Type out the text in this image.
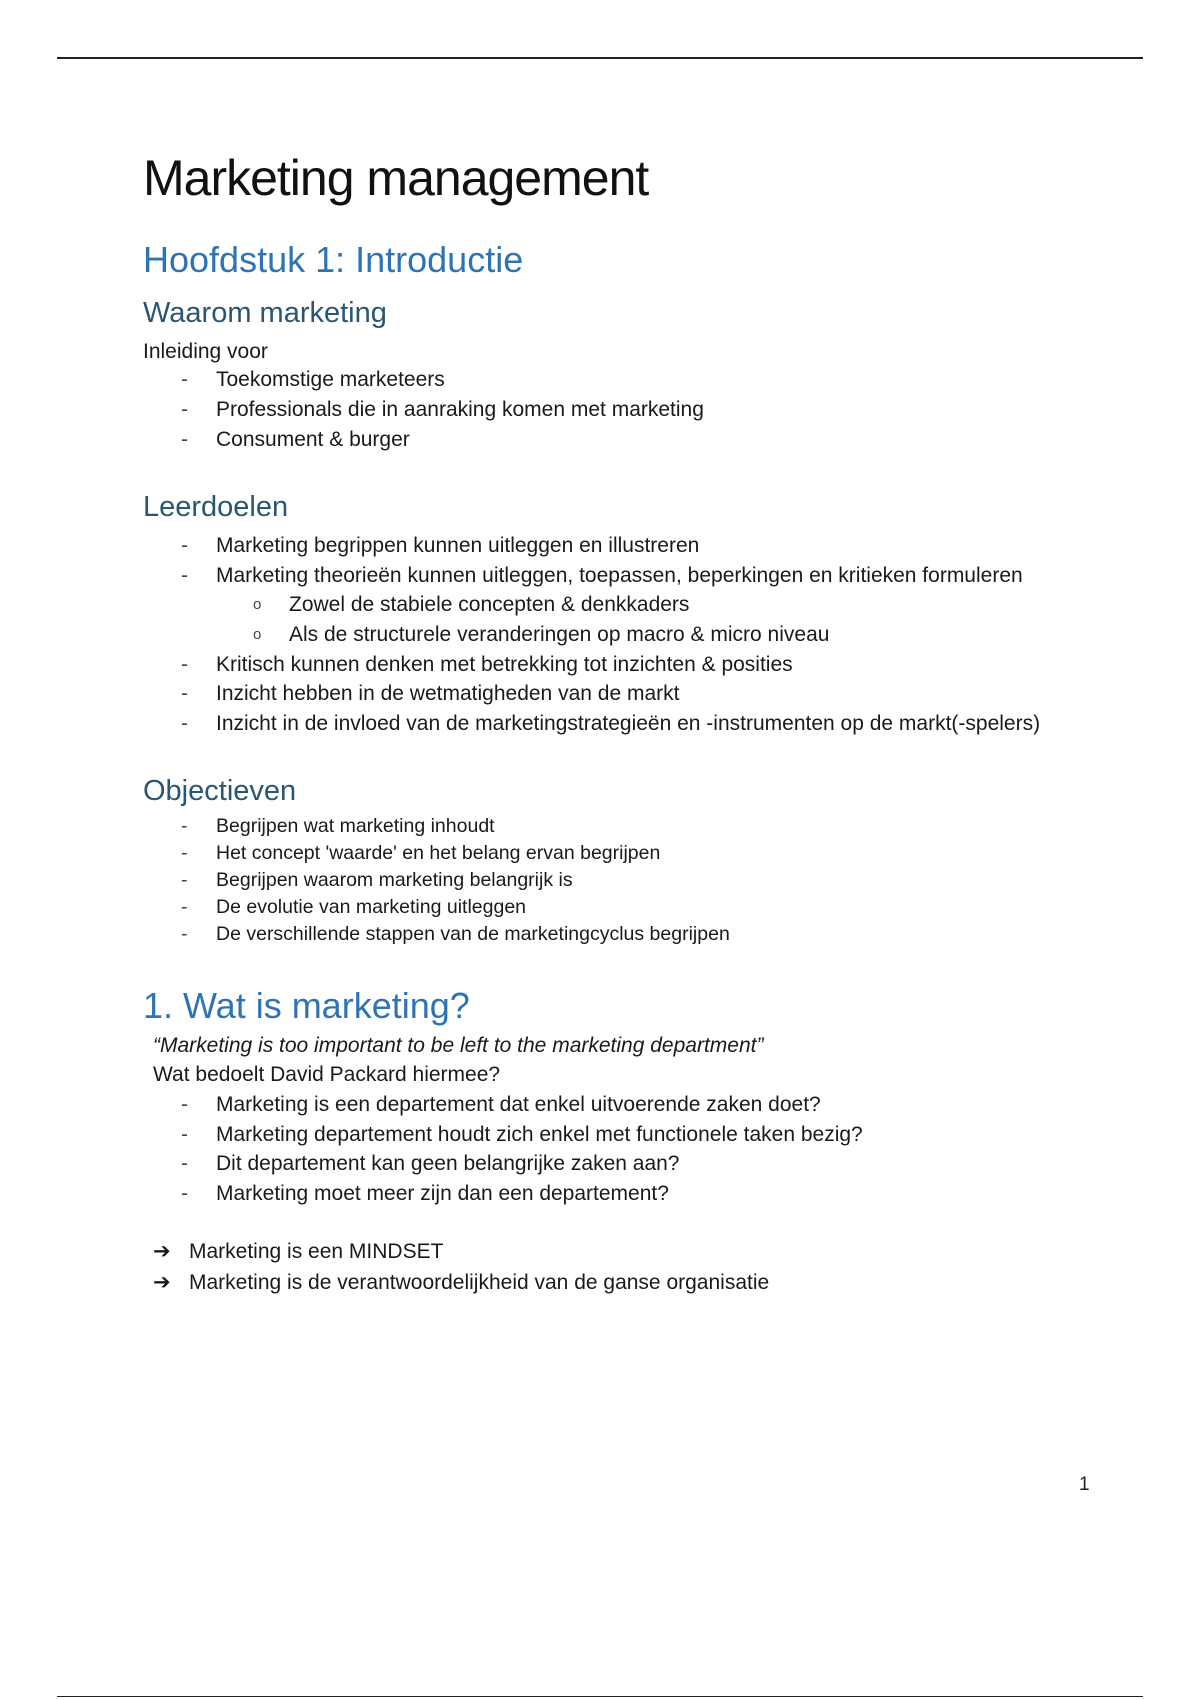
Marketing management
Hoofdstuk 1: Introductie
Waarom marketing

Inleiding voor

- Toekomstige marketeers
- Professionals die in aanraking komen met marketing
- Consument & burger
Leerdoelen
- Marketing begrippen kunnen uitleggen en illustreren
- Marketing theorieën kunnen uitleggen, toepassen, beperkingen en kritieken formuleren
o Zowel de stabiele concepten & denkkaders
o Als de structurele veranderingen op macro & micro niveau
- Kritisch kunnen denken met betrekking tot inzichten & posities
- Inzicht hebben in de wetmatigheden van de markt
- Inzicht in de invloed van de marketingstrategieën en -instrumenten op de markt(-spelers)
Objectieven
- Begrijpen wat marketing inhoudt
- Het concept 'waarde' en het belang ervan begrijpen
- Begrijpen waarom marketing belangrijk is
- De evolutie van marketing uitleggen
- De verschillende stappen van de marketingcyclus begrijpen
1. Wat is marketing?

“Marketing is too important to be left to the marketing department”

Wat bedoelt David Packard hiermee?

- Marketing is een departement dat enkel uitvoerende zaken doet?
- Marketing departement houdt zich enkel met functionele taken bezig?
- Dit departement kan geen belangrijke zaken aan?
- Marketing moet meer zijn dan een departement?
➔ Marketing is een MINDSET
➔ Marketing is de verantwoordelijkheid van de ganse organisatie
1
